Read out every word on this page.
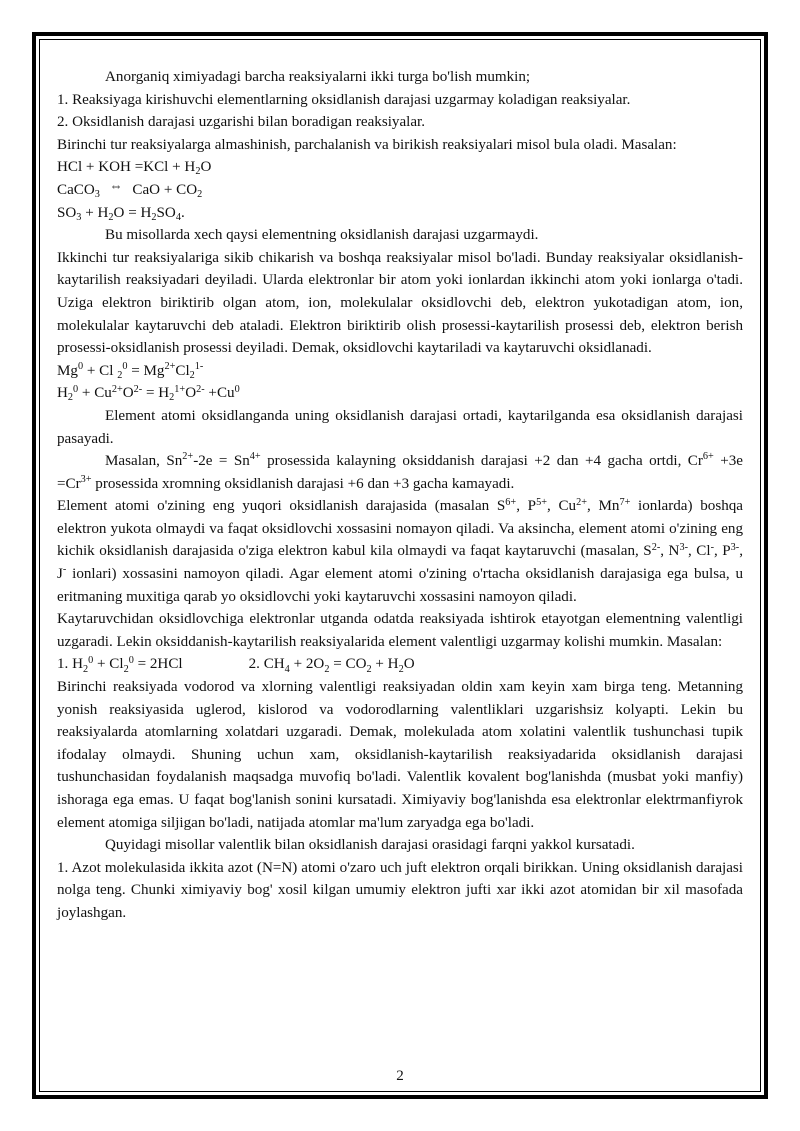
Anorganiq ximiyadagi barcha reaksiyalarni ikki turga bo'lish mumkin;

1. Reaksiyaga kirishuvchi elementlarning oksidlanish darajasi uzgarmay koladigan reaksiyalar.

2. Oksidlanish darajasi uzgarishi bilan boradigan reaksiyalar.

Birinchi tur reaksiyalarga almashinish, parchalanish va birikish reaksiyalari misol bula oladi. Masalan:

HCl + KOH $=KCl + H_2O$

CaCO$_3$ ⇔ CaO + $CO_2$

$SO_3 + H_2O = H_2SO_4$.

Bu misollarda xech qaysi elementning oksidlanish darajasi uzgarmaydi.

Ikkinchi tur reaksiyalariga sikib chikarish va boshqa reaksiyalar misol bo'ladi. Bunday reaksiyalar oksidlanish-kaytarilish reaksiyadari deyiladi. Ularda elektronlar bir atom yoki ionlardan ikkinchi atom yoki ionlarga o'tadi. Uziga elektron biriktirib olgan atom, ion, molekulalar oksidlovchi deb, elektron yukotadigan atom, ion, molekulalar kaytaruvchi deb ataladi. Elektron biriktirib olish prosessi-kaytarilish prosessi deb, elektron berish prosessi-oksidlanish prosessi deyiladi. Demak, oksidlovchi kaytariladi va kaytaruvchi oksidlanadi.

$Mg^0 + Cl$ $_2^0 = Mg^{2+}Cl_2^{1-}$

$H_2^0 + Cu^{2+}O^{2-} = H_2^{1+}O^{2-} +Cu^0$

Element atomi oksidlanganda uning oksidlanish darajasi ortadi, kaytarilganda esa oksidlanish darajasi pasayadi.

Masalan, $Sn^{2+}-2e = Sn^{4+}$ prosessida kalayning oksiddanish darajasi +2 dan +4 gacha ortdi, $Cr^{6+} +3e =Cr^{3+}$ prosessida xromning oksidlanish darajasi +6 dan +3 gacha kamayadi.

Element atomi o'zining eng yuqori oksidlanish darajasida (masalan $S^{6+}$, $P^{5+}$, $Cu^{2+}$, $Mn^{7+}$ ionlarda) boshqa elektron yukota olmaydi va faqat oksidlovchi xossasini nomayon qiladi. Va aksincha, element atomi o'zining eng kichik oksidlanish darajasida o'ziga elektron kabul kila olmaydi va faqat kaytaruvchi (masalan, $S^{2-}$, $N^{3-}$, Cl-, $P^{3-}$, J- ionlari) xossasini namoyon qiladi. Agar element atomi o'zining o'rtacha oksidlanish darajasiga ega bulsa, u eritmaning muxitiga qarab yo oksidlovchi yoki kaytaruvchi xossasini namoyon qiladi.

Kaytaruvchidan oksidlovchiga elektronlar utganda odatda reaksiyada ishtirok etayotgan elementning valentligi uzgaradi. Lekin oksiddanish-kaytarilish reaksiyalarida element valentligi uzgarmay kolishi mumkin. Masalan:

1. $H_2^0 + Cl_2^0 = 2HCl$	2. $CH_4 + 2O_2 = CO_2 + H_2O$

Birinchi reaksiyada vodorod va xlorning valentligi reaksiyadan oldin xam keyin xam birga teng. Metanning yonish reaksiyasida uglerod, kislorod va vodorodlarning valentliklari uzgarishsiz kolyapti. Lekin bu reaksiyalarda atomlarning xolatdari uzgaradi. Demak, molekulada atom xolatini valentlik tushunchasi tupik ifodalay olmaydi. Shuning uchun xam, oksidlanish-kaytarilish reaksiyadarida oksidlanish darajasi tushunchasidan foydalanish maqsadga muvofiq bo'ladi. Valentlik kovalent bog'lanishda (musbat yoki manfiy) ishoraga ega emas. U faqat bog'lanish sonini kursatadi. Ximiyaviy bog'lanishda esa elektronlar elektrmanfiyrok element atomiga siljigan bo'ladi, natijada atomlar ma'lum zaryadga ega bo'ladi.

Quyidagi misollar valentlik bilan oksidlanish darajasi orasidagi farqni yakkol kursatadi.

1. Azot molekulasida ikkita azot (N=N) atomi o'zaro uch juft elektron orqali birikkan. Uning oksidlanish darajasi nolga teng. Chunki ximiyaviy bog' xosil kilgan umumiy elektron jufti xar ikki azot atomidan bir xil masofada joylashgan.

2
